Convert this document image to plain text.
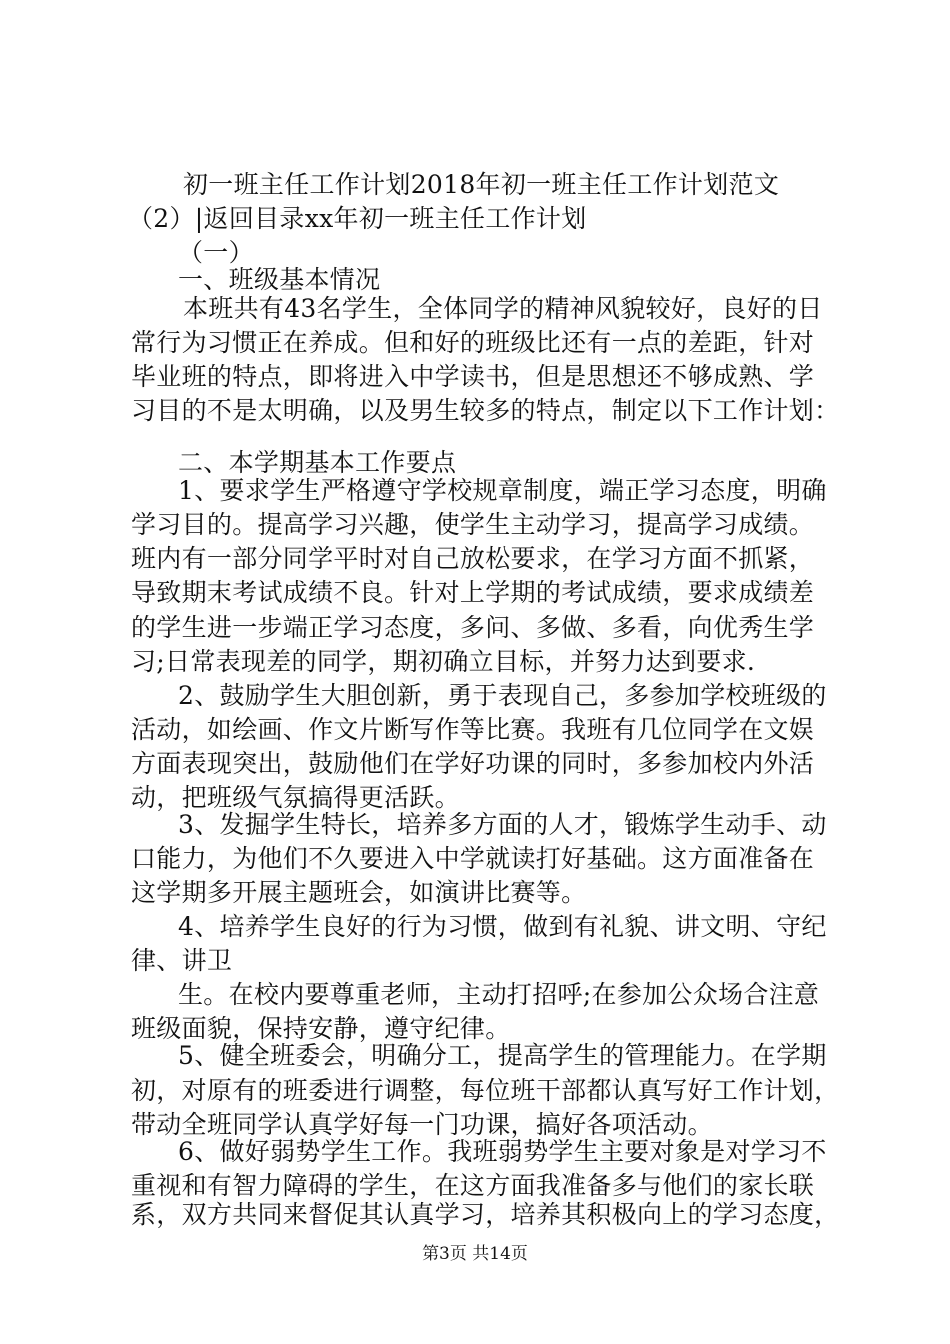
初一班主任工作计划2018年初一班主任工作计划范文
（2）|返回目录xx年初一班主任工作计划
（一）
一、班级基本情况
本班共有43名学生，全体同学的精神风貌较好，良好的日
常行为习惯正在养成。但和好的班级比还有一点的差距，针对
毕业班的特点，即将进入中学读书，但是思想还不够成熟、学
习目的不是太明确，以及男生较多的特点，制定以下工作计划：
二、本学期基本工作要点
1、要求学生严格遵守学校规章制度，端正学习态度，明确
学习目的。提高学习兴趣，使学生主动学习，提高学习成绩。
班内有一部分同学平时对自己放松要求，在学习方面不抓紧，
导致期末考试成绩不良。针对上学期的考试成绩，要求成绩差
的学生进一步端正学习态度，多问、多做、多看，向优秀生学
习;日常表现差的同学，期初确立目标，并努力达到要求.
2、鼓励学生大胆创新，勇于表现自己，多参加学校班级的
活动，如绘画、作文片断写作等比赛。我班有几位同学在文娱
方面表现突出，鼓励他们在学好功课的同时，多参加校内外活
动，把班级气氛搞得更活跃。
3、发掘学生特长，培养多方面的人才，锻炼学生动手、动
口能力，为他们不久要进入中学就读打好基础。这方面准备在
这学期多开展主题班会，如演讲比赛等。
4、培养学生良好的行为习惯，做到有礼貌、讲文明、守纪
律、讲卫
生。在校内要尊重老师，主动打招呼;在参加公众场合注意
班级面貌，保持安静，遵守纪律。
5、健全班委会，明确分工，提高学生的管理能力。在学期
初，对原有的班委进行调整，每位班干部都认真写好工作计划，
带动全班同学认真学好每一门功课，搞好各项活动。
6、做好弱势学生工作。我班弱势学生主要对象是对学习不
重视和有智力障碍的学生，在这方面我准备多与他们的家长联
系，双方共同来督促其认真学习，培养其积极向上的学习态度，
第3页 共14页
